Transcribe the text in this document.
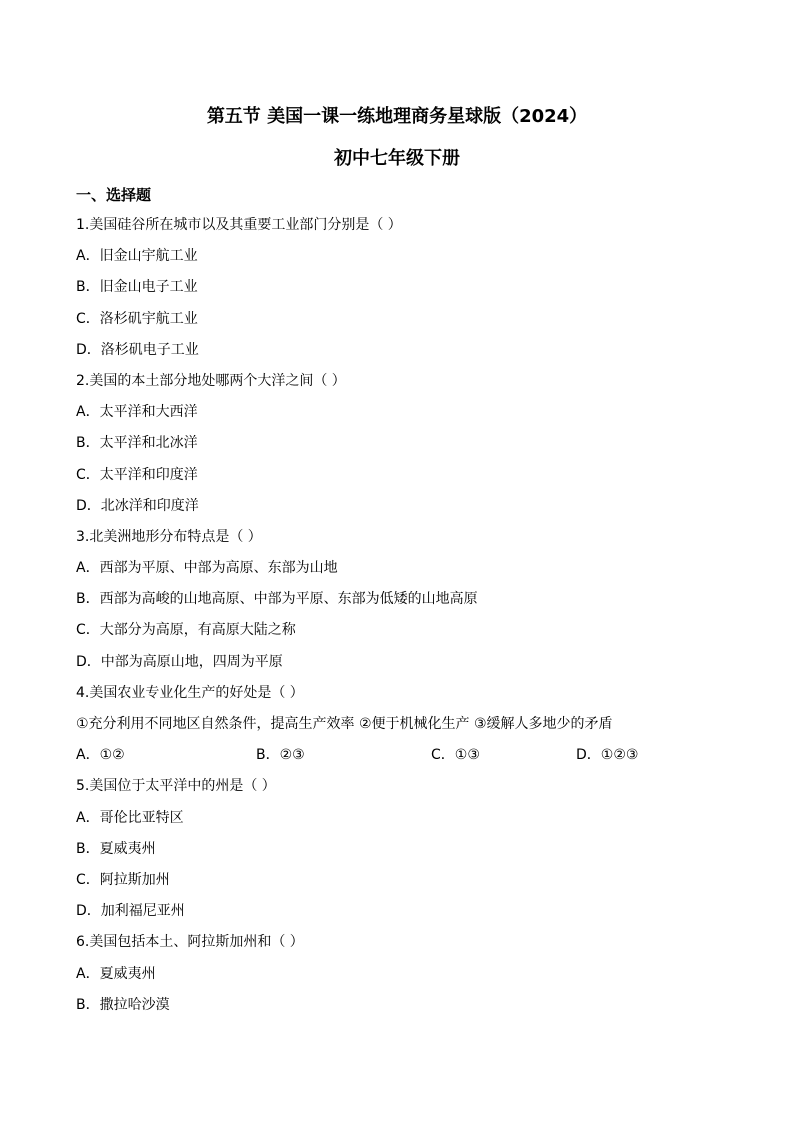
第五节 美国一课一练地理商务星球版（2024）
初中七年级下册
一、选择题
1.美国硅谷所在城市以及其重要工业部门分别是（ ）
A．旧金山宇航工业
B．旧金山电子工业
C．洛杉矶宇航工业
D．洛杉矶电子工业
2.美国的本土部分地处哪两个大洋之间（ ）
A．太平洋和大西洋
B．太平洋和北冰洋
C．太平洋和印度洋
D．北冰洋和印度洋
3.北美洲地形分布特点是（ ）
A．西部为平原、中部为高原、东部为山地
B．西部为高峻的山地高原、中部为平原、东部为低矮的山地高原
C．大部分为高原，有高原大陆之称
D．中部为高原山地，四周为平原
4.美国农业专业化生产的好处是（ ）
①充分利用不同地区自然条件，提高生产效率 ②便于机械化生产 ③缓解人多地少的矛盾
A．①②	B．②③	C．①③	D．①②③
5.美国位于太平洋中的州是（ ）
A．哥伦比亚特区
B．夏威夷州
C．阿拉斯加州
D．加利福尼亚州
6.美国包括本土、阿拉斯加州和（ ）
A．夏威夷州
B．撒拉哈沙漠
